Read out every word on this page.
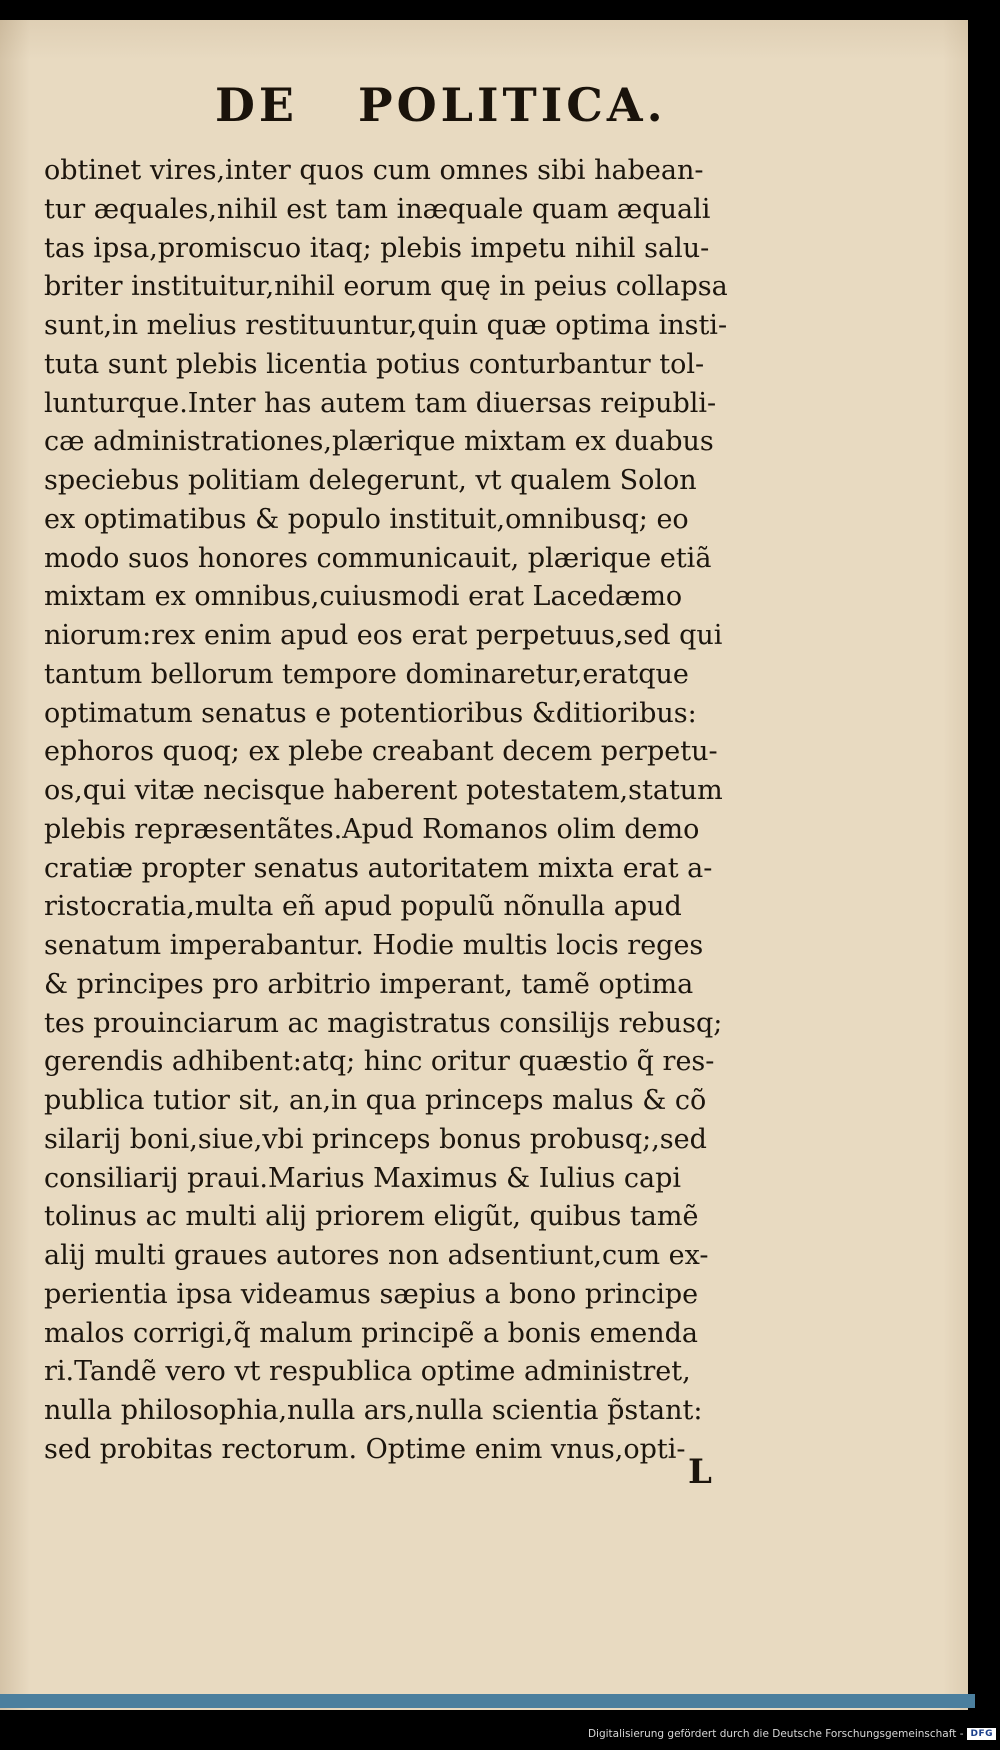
DE   POLITICA.
obtinet vires,inter quos cum omnes sibi habean-
tur æquales,nihil est tam inæquale quam æquali
tas ipsa,promiscuo itaq; plebis impetu nihil salu-
briter instituitur,nihil eorum quę in peius collapsa
sunt,in melius restituuntur,quin quæ optima insti-
tuta sunt plebis licentia potius conturbantur tol-
lunturque.Inter has autem tam diuersas reipubli-
cæ administrationes,plærique mixtam ex duabus
speciebus politiam delegerunt, vt qualem Solon
ex optimatibus & populo instituit,omnibusq; eo
modo suos honores communicauit, plærique etiã
mixtam ex omnibus,cuiusmodi erat Lacedæmo
niorum:rex enim apud eos erat perpetuus,sed qui
tantum bellorum tempore dominaretur,eratque
optimatum senatus e potentioribus &ditioribus:
ephoros quoq; ex plebe creabant decem perpetu-
os,qui vitæ necisque haberent potestatem,statum
plebis repræsentãtes.Apud Romanos olim demo
cratiæ propter senatus autoritatem mixta erat a-
ristocratia,multa eñ apud populũ nõnulla apud
senatum imperabantur. Hodie multis locis reges
& principes pro arbitrio imperant, tamẽ optima
tes prouinciarum ac magistratus consilijs rebusq;
gerendis adhibent:atq; hinc oritur quæstio q̃ res-
publica tutior sit, an,in qua princeps malus & cõ
silarij boni,siue,vbi princeps bonus probusq;,sed
consiliarij praui.Marius Maximus & Iulius capi
tolinus ac multi alij priorem eligũt, quibus tamẽ
alij multi graues autores non adsentiunt,cum ex-
perientia ipsa videamus sæpius a bono principe
malos corrigi,q̃ malum principẽ a bonis emenda
ri.Tandẽ vero vt respublica optime administret,
nulla philosophia,nulla ars,nulla scientia p̃stant:
sed probitas rectorum. Optime enim vnus,opti-

L

Digitalisierung gefördert durch die Deutsche Forschungsgemeinschaft - DFG
